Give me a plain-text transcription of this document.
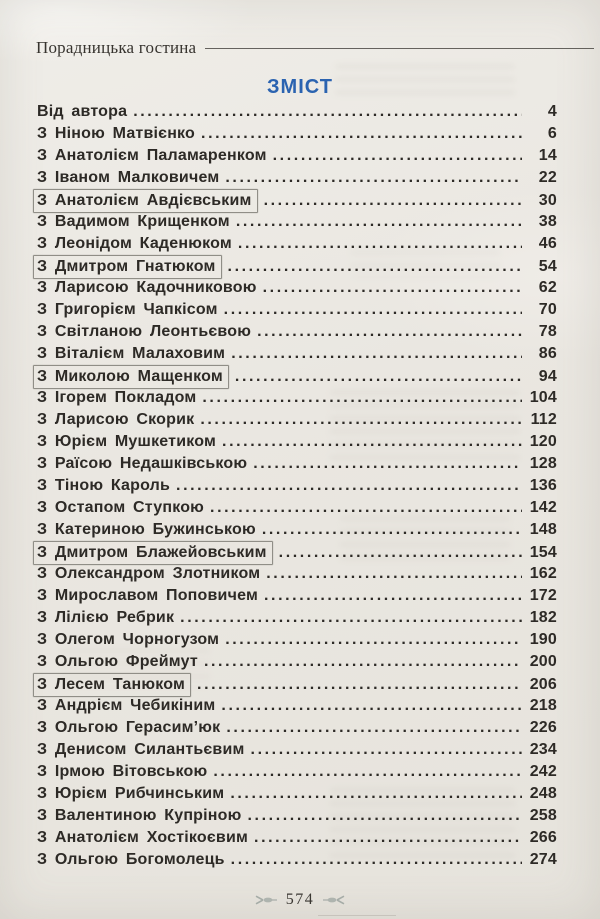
Порадницька гостина
ЗМІСТ
Від автора .....	4
З Ніною Матвієнко .....	6
З Анатолієм Паламаренком .....	14
З Іваном Малковичем .....	22
З Анатолієм Авдієвським .....	30
З Вадимом Крищенком .....	38
З Леонідом Каденюком .....	46
З Дмитром Гнатюком .....	54
З Ларисою Кадочниковою .....	62
З Григорієм Чапкісом .....	70
З Світланою Леонтьєвою .....	78
З Віталієм Малаховим .....	86
З Миколою Мащенком .....	94
З Ігорем Покладом .....	104
З Ларисою Скорик .....	112
З Юрієм Мушкетиком .....	120
З Раїсою Недашківською .....	128
З Тіною Кароль .....	136
З Остапом Ступкою .....	142
З Катериною Бужинською .....	148
З Дмитром Блажейовським .....	154
З Олександром Злотником .....	162
З Мирославом Поповичем .....	172
З Лілією Ребрик .....	182
З Олегом Чорногузом .....	190
З Ольгою Фреймут .....	200
З Лесем Танюком .....	206
З Андрієм Чебикіним .....	218
З Ольгою Герасим’юк .....	226
З Денисом Силантьєвим .....	234
З Ірмою Вітовською .....	242
З Юрієм Рибчинським .....	248
З Валентиною Купріною .....	258
З Анатолієм Хостікоєвим .....	266
З Ольгою Богомолець .....	274
574
